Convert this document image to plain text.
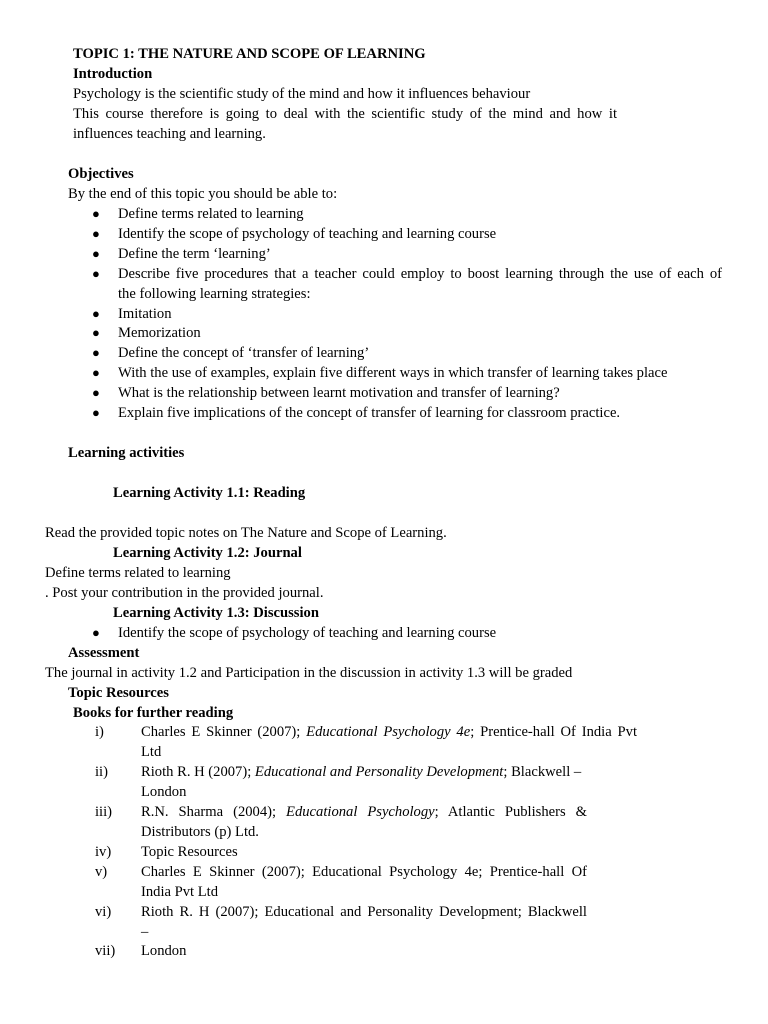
TOPIC 1: THE NATURE AND SCOPE OF LEARNING
Introduction
Psychology is the scientific study of the mind and how it influences behaviour
This course therefore is going to deal with the scientific study of the mind and how it
influences teaching and learning.
Objectives
By the end of this topic you should be able to:
● Define terms related to learning
● Identify the scope of psychology of teaching and learning course
● Define the term ‘learning’
● Describe five procedures that a teacher could employ to boost learning through the use of each of
the following learning strategies:
● Imitation
● Memorization
● Define the concept of ‘transfer of learning’
● With the use of examples, explain five different ways in which transfer of learning takes place
● What is the relationship between learnt motivation and transfer of learning?
● Explain five implications of the concept of transfer of learning for classroom practice.
Learning activities
Learning Activity 1.1: Reading
Read the provided topic notes on The Nature and Scope of Learning.
Learning Activity 1.2: Journal
Define terms related to learning
. Post your contribution in the provided journal.
Learning Activity 1.3: Discussion
● Identify the scope of psychology of teaching and learning course
Assessment
The journal in activity 1.2 and Participation in the discussion in activity 1.3 will be graded
Topic Resources
Books for further reading
i)	Charles E Skinner (2007); Educational Psychology 4e; Prentice-hall Of India Pvt
Ltd
ii) Rioth R. H (2007); Educational and Personality Development; Blackwell –
London
iii) R.N. Sharma (2004); Educational Psychology; Atlantic Publishers &
Distributors (p) Ltd.
iv) Topic Resources
v) Charles E Skinner (2007); Educational Psychology 4e; Prentice-hall Of
India Pvt Ltd
vi) Rioth R. H (2007); Educational and Personality Development; Blackwell
–
vii) London
